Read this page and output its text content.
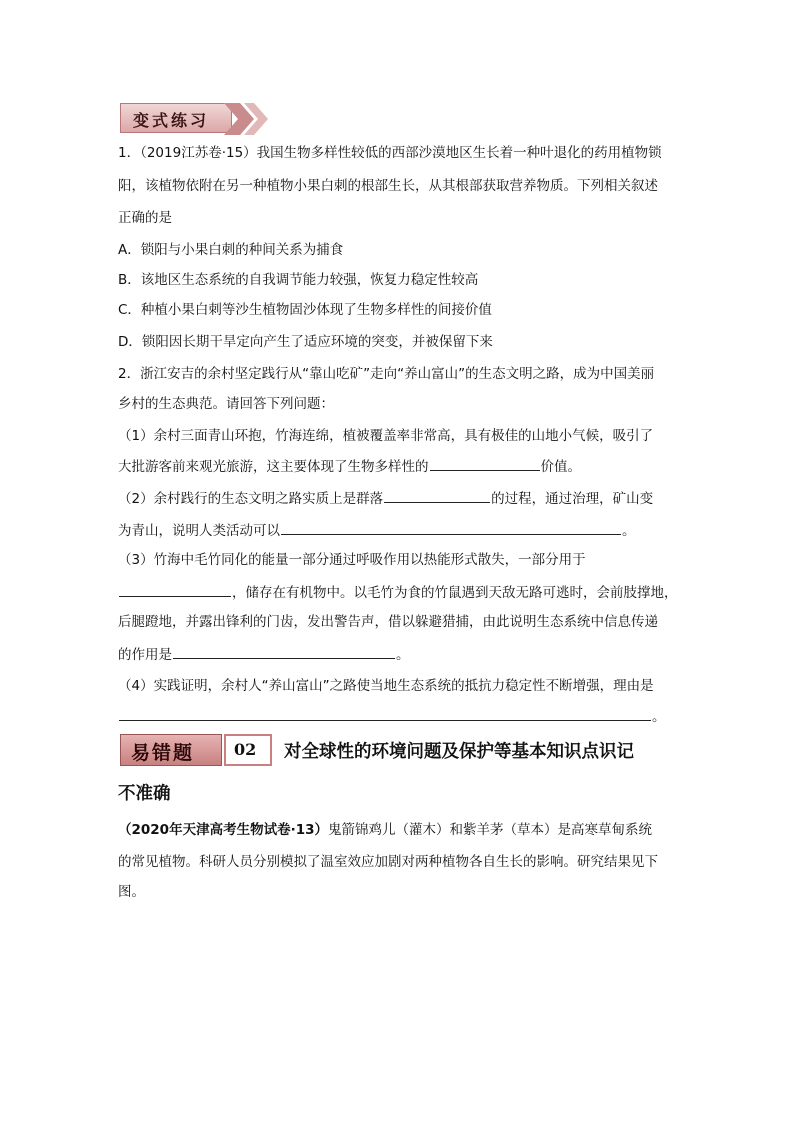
变式练习
1．（2019江苏卷·15）我国生物多样性较低的西部沙漠地区生长着一种叶退化的药用植物锁
阳，该植物依附在另一种植物小果白刺的根部生长，从其根部获取营养物质。下列相关叙述
正确的是
A．锁阳与小果白刺的种间关系为捕食
B．该地区生态系统的自我调节能力较强，恢复力稳定性较高
C．种植小果白刺等沙生植物固沙体现了生物多样性的间接价值
D．锁阳因长期干旱定向产生了适应环境的突变，并被保留下来
2．浙江安吉的余村坚定践行从“靠山吃矿”走向“养山富山”的生态文明之路，成为中国美丽
乡村的生态典范。请回答下列问题：
（1）余村三面青山环抱，竹海连绵，植被覆盖率非常高，具有极佳的山地小气候，吸引了
大批游客前来观光旅游，这主要体现了生物多样性的	价值。
（2）余村践行的生态文明之路实质上是群落	的过程，通过治理，矿山变
为青山，说明人类活动可以	。
（3）竹海中毛竹同化的能量一部分通过呼吸作用以热能形式散失，一部分用于
，储存在有机物中。以毛竹为食的竹鼠遇到天敌无路可逃时，会前肢撑地，
后腿蹬地，并露出锋利的门齿，发出警告声，借以躲避猎捕，由此说明生态系统中信息传递
的作用是	。
（4）实践证明，余村人“养山富山”之路使当地生态系统的抵抗力稳定性不断增强，理由是
。
易错题 02 对全球性的环境问题及保护等基本知识点识记
不准确
（2020年天津高考生物试卷·13）鬼箭锦鸡儿（灌木）和紫羊茅（草本）是高寒草甸系统
的常见植物。科研人员分别模拟了温室效应加剧对两种植物各自生长的影响。研究结果见下
图。
